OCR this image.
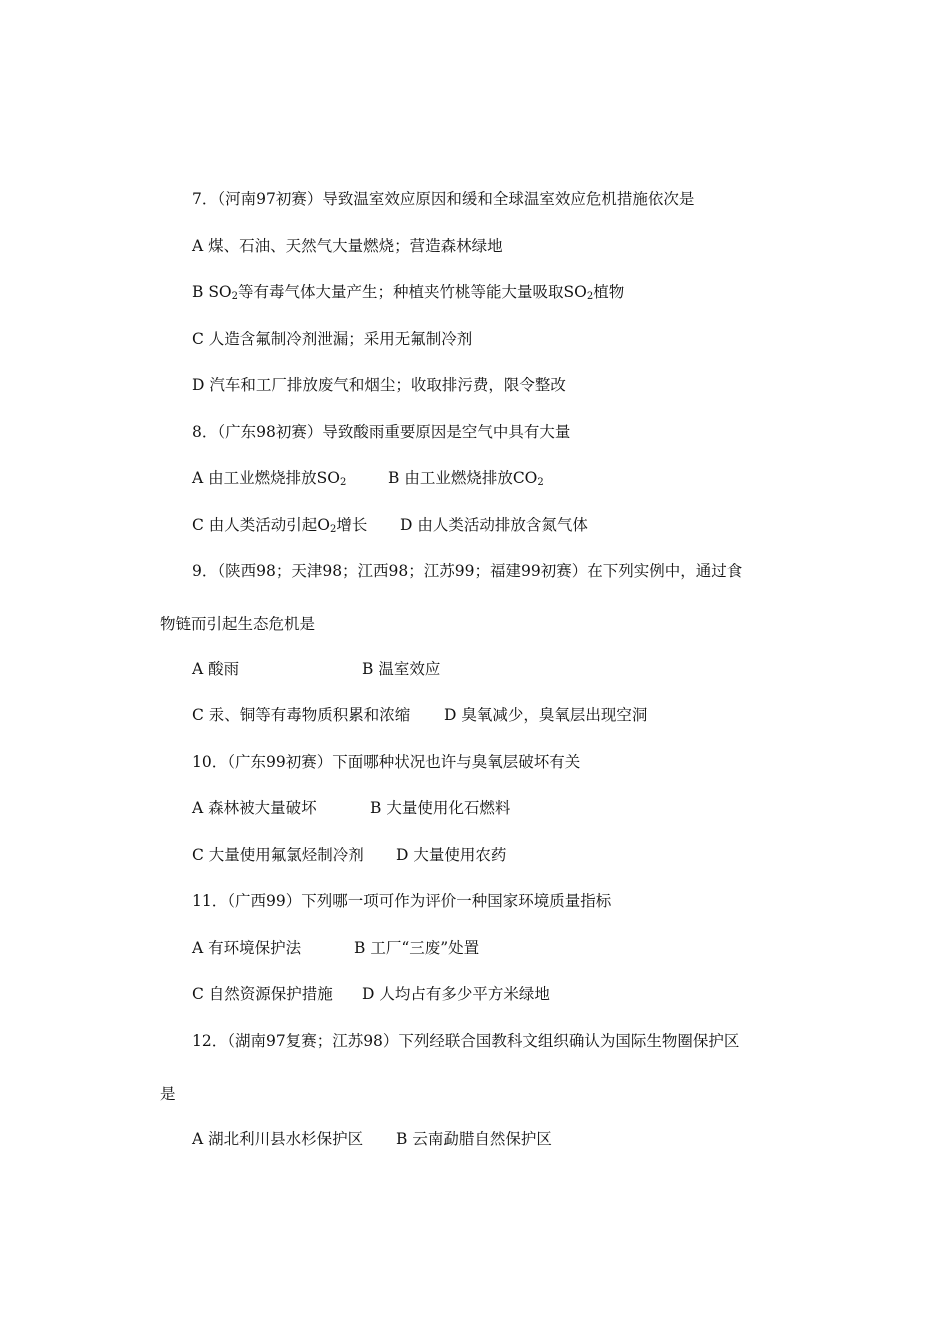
7．（河南97初赛）导致温室效应原因和缓和全球温室效应危机措施依次是
A 煤、石油、天然气大量燃烧；营造森林绿地
B $SO_2$等有毒气体大量产生；种植夹竹桃等能大量吸取$SO_2$植物
C 人造含氟制冷剂泄漏；采用无氟制冷剂
D 汽车和工厂排放废气和烟尘；收取排污费，限令整改
8．（广东98初赛）导致酸雨重要原因是空气中具有大量
A 由工业燃烧排放$SO_2$	B 由工业燃烧排放$CO_2$
C 由人类活动引起$O_2$增长 D 由人类活动排放含氮气体
9．（陕西98；天津98；江西98；江苏99；福建99初赛）在下列实例中，通过食
物链而引起生态危机是
A 酸雨	B 温室效应
C 汞、铜等有毒物质积累和浓缩 D 臭氧减少，臭氧层出现空洞
10．（广东99初赛）下面哪种状况也许与臭氧层破坏有关
A 森林被大量破坏	B 大量使用化石燃料
C 大量使用氟氯烃制冷剂 D 大量使用农药
11．（广西99）下列哪一项可作为评价一种国家环境质量指标
A 有环境保护法	B 工厂“三废”处置
C 自然资源保护措施 D 人均占有多少平方米绿地
12．（湖南97复赛；江苏98）下列经联合国教科文组织确认为国际生物圈保护区
是
A 湖北利川县水杉保护区 B 云南勐腊自然保护区
